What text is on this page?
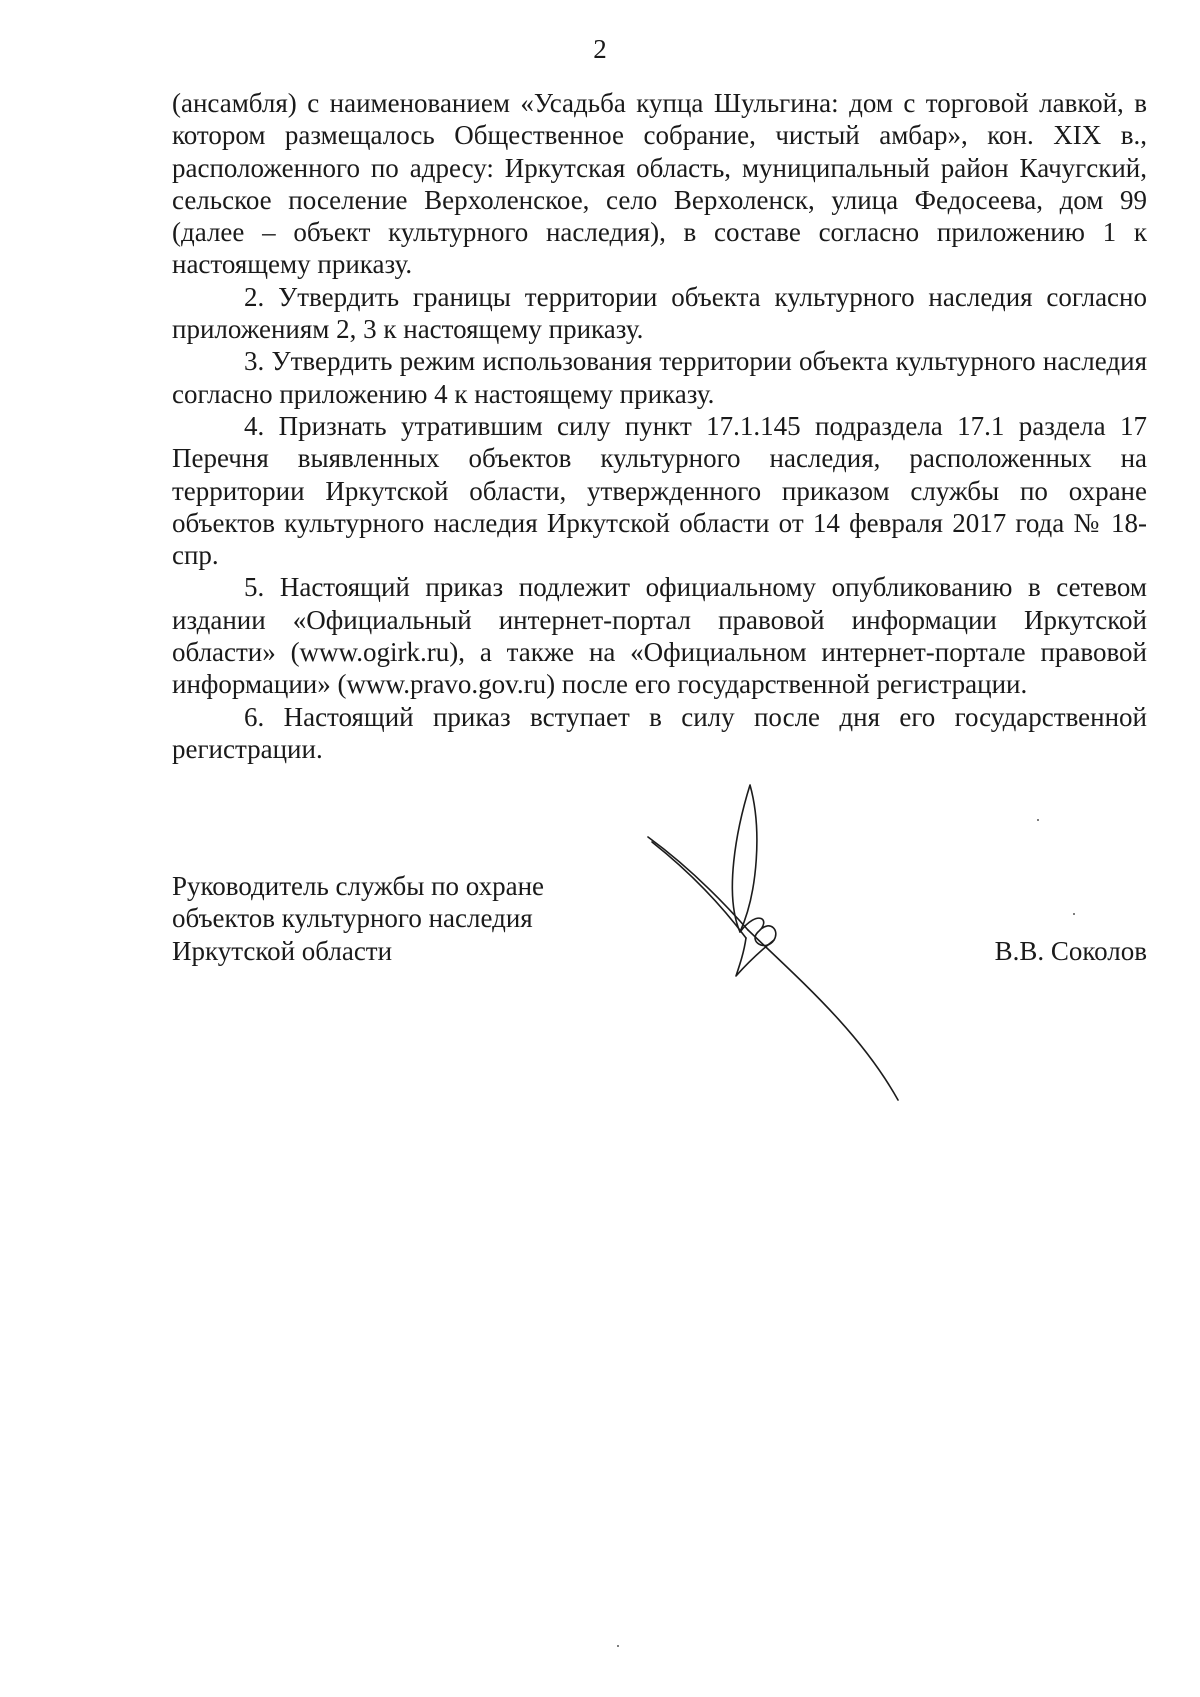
2

(ансамбля) с наименованием «Усадьба купца Шульгина: дом с торговой лавкой, в котором размещалось Общественное собрание, чистый амбар», кон. XIX в., расположенного по адресу: Иркутская область, муниципальный район Качугский, сельское поселение Верхоленское, село Верхоленск, улица Федосеева, дом 99 (далее – объект культурного наследия), в составе согласно приложению 1 к настоящему приказу.

2. Утвердить границы территории объекта культурного наследия согласно приложениям 2, 3 к настоящему приказу.

3. Утвердить режим использования территории объекта культурного наследия согласно приложению 4 к настоящему приказу.

4. Признать утратившим силу пункт 17.1.145 подраздела 17.1 раздела 17 Перечня выявленных объектов культурного наследия, расположенных на территории Иркутской области, утвержденного приказом службы по охране объектов культурного наследия Иркутской области от 14 февраля 2017 года № 18-спр.

5. Настоящий приказ подлежит официальному опубликованию в сетевом издании «Официальный интернет-портал правовой информации Иркутской области» (www.ogirk.ru), а также на «Официальном интернет-портале правовой информации» (www.pravo.gov.ru) после его государственной регистрации.

6. Настоящий приказ вступает в силу после дня его государственной регистрации.

Руководитель службы по охране
объектов культурного наследия
Иркутской области	В.В. Соколов
